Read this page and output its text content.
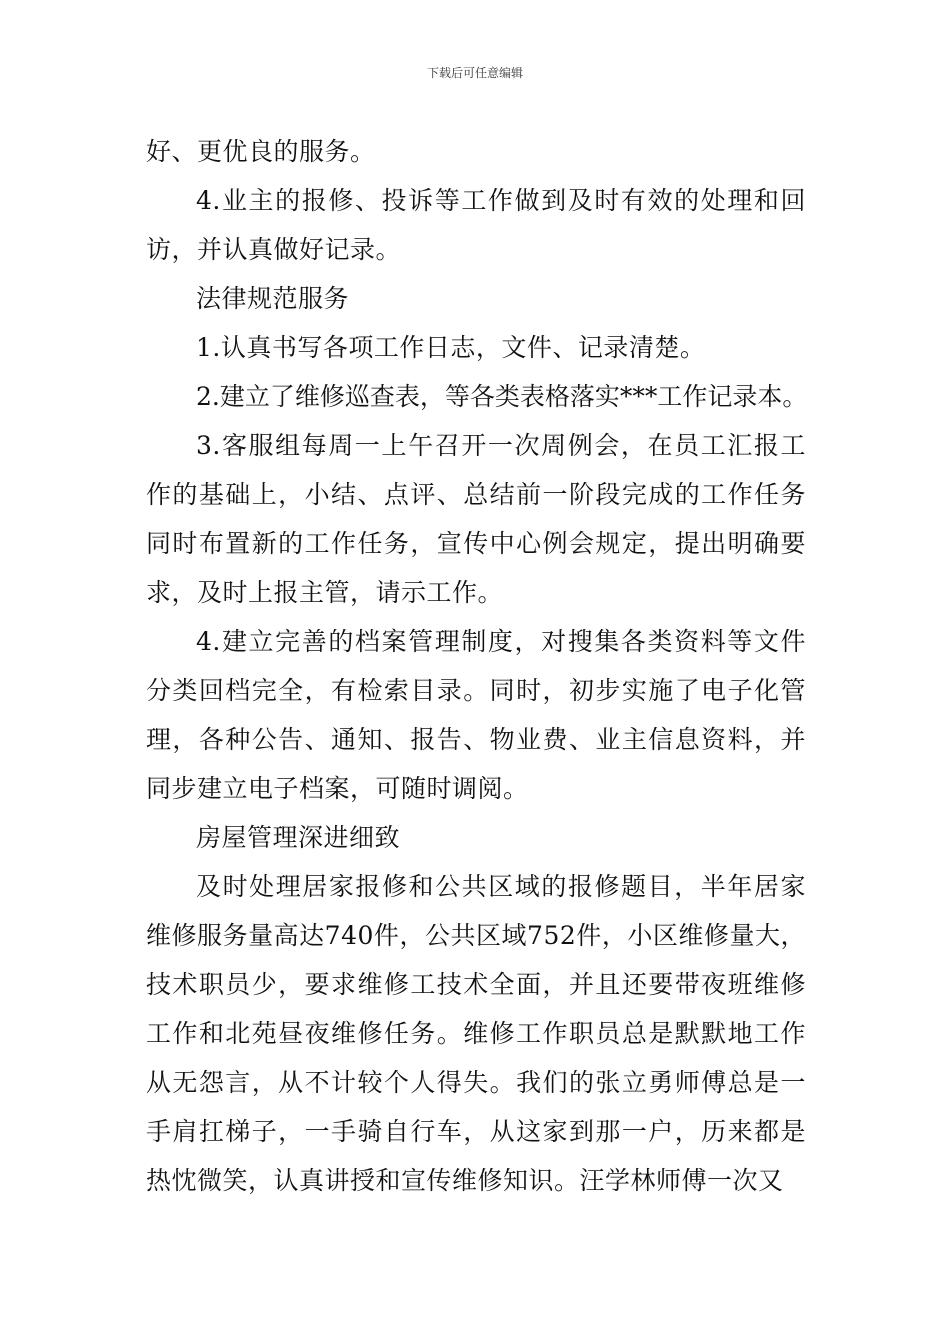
下载后可任意编辑

好、更优良的服务。

4.业主的报修、投诉等工作做到及时有效的处理和回访，并认真做好记录。

法律规范服务

1.认真书写各项工作日志，文件、记录清楚。

2.建立了维修巡查表，等各类表格落实***工作记录本。

3.客服组每周一上午召开一次周例会，在员工汇报工作的基础上，小结、点评、总结前一阶段完成的工作任务同时布置新的工作任务，宣传中心例会规定，提出明确要求，及时上报主管，请示工作。

4.建立完善的档案管理制度，对搜集各类资料等文件分类回档完全，有检索目录。同时，初步实施了电子化管理，各种公告、通知、报告、物业费、业主信息资料，并同步建立电子档案，可随时调阅。

房屋管理深进细致

及时处理居家报修和公共区域的报修题目，半年居家维修服务量高达740件，公共区域752件，小区维修量大，技术职员少，要求维修工技术全面，并且还要带夜班维修工作和北苑昼夜维修任务。维修工作职员总是默默地工作从无怨言，从不计较个人得失。我们的张立勇师傅总是一手肩扛梯子，一手骑自行车，从这家到那一户，历来都是热忱微笑，认真讲授和宣传维修知识。汪学林师傅一次又
